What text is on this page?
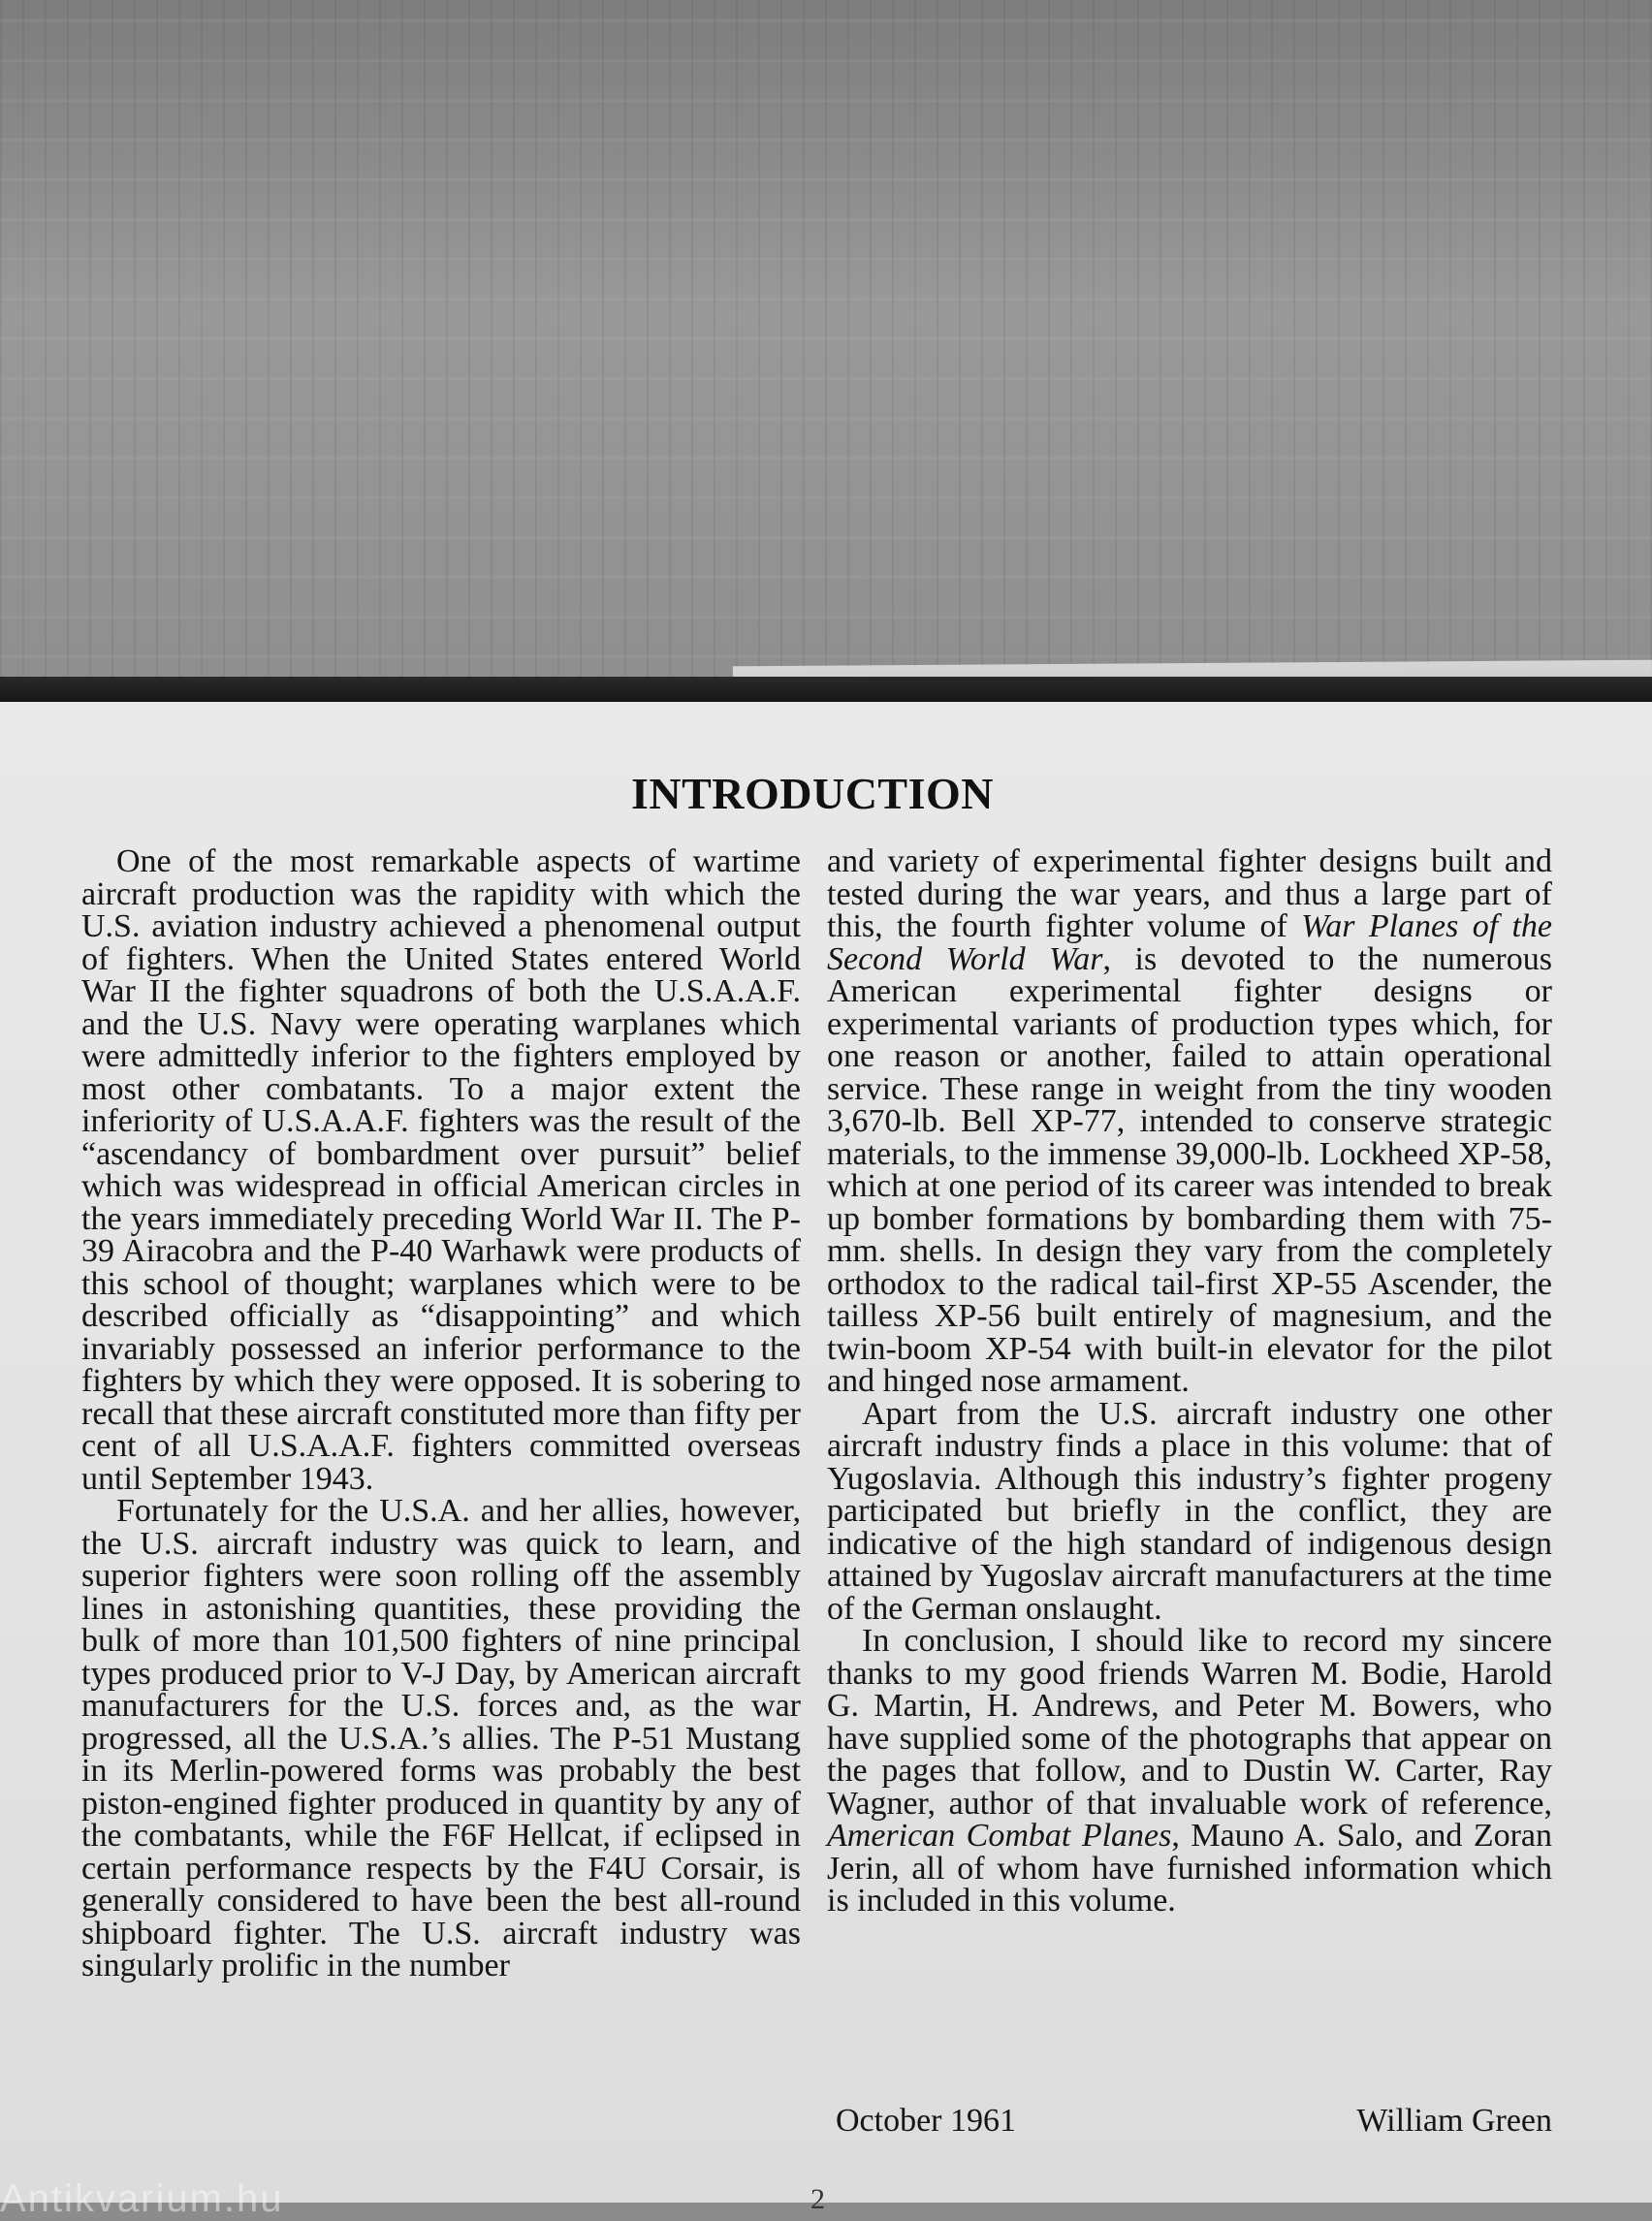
INTRODUCTION

One of the most remarkable aspects of wartime aircraft production was the rapidity with which the U.S. aviation industry achieved a phenomenal output of fighters. When the United States entered World War II the fighter squadrons of both the U.S.A.A.F. and the U.S. Navy were operating warplanes which were admittedly inferior to the fighters employed by most other combatants. To a major extent the inferiority of U.S.A.A.F. fighters was the result of the “ascendancy of bombardment over pursuit” belief which was widespread in official American circles in the years immediately preceding World War II. The P-39 Airacobra and the P-40 Warhawk were products of this school of thought; warplanes which were to be described officially as “disappointing” and which invariably possessed an inferior performance to the fighters by which they were opposed. It is sobering to recall that these aircraft constituted more than fifty per cent of all U.S.A.A.F. fighters committed overseas until September 1943.

Fortunately for the U.S.A. and her allies, however, the U.S. aircraft industry was quick to learn, and superior fighters were soon rolling off the assembly lines in astonishing quantities, these providing the bulk of more than 101,500 fighters of nine principal types produced prior to V-J Day, by American aircraft manufacturers for the U.S. forces and, as the war progressed, all the U.S.A.’s allies. The P-51 Mustang in its Merlin-powered forms was probably the best piston-engined fighter produced in quantity by any of the combatants, while the F6F Hellcat, if eclipsed in certain performance respects by the F4U Corsair, is generally considered to have been the best all-round shipboard fighter. The U.S. aircraft industry was singularly prolific in the number

and variety of experimental fighter designs built and tested during the war years, and thus a large part of this, the fourth fighter volume of War Planes of the Second World War, is devoted to the numerous American experimental fighter designs or experimental variants of production types which, for one reason or another, failed to attain operational service. These range in weight from the tiny wooden 3,670-lb. Bell XP-77, intended to conserve strategic materials, to the immense 39,000-lb. Lockheed XP-58, which at one period of its career was intended to break up bomber formations by bombarding them with 75-mm. shells. In design they vary from the completely orthodox to the radical tail-first XP-55 Ascender, the tailless XP-56 built entirely of magnesium, and the twin-boom XP-54 with built-in elevator for the pilot and hinged nose armament.

Apart from the U.S. aircraft industry one other aircraft industry finds a place in this volume: that of Yugoslavia. Although this industry’s fighter progeny participated but briefly in the conflict, they are indicative of the high standard of indigenous design attained by Yugoslav aircraft manufacturers at the time of the German onslaught.

In conclusion, I should like to record my sincere thanks to my good friends Warren M. Bodie, Harold G. Martin, H. Andrews, and Peter M. Bowers, who have supplied some of the photographs that appear on the pages that follow, and to Dustin W. Carter, Ray Wagner, author of that invaluable work of reference, American Combat Planes, Mauno A. Salo, and Zoran Jerin, all of whom have furnished information which is included in this volume.

October 1961	William Green
2
Antikvarium.hu
